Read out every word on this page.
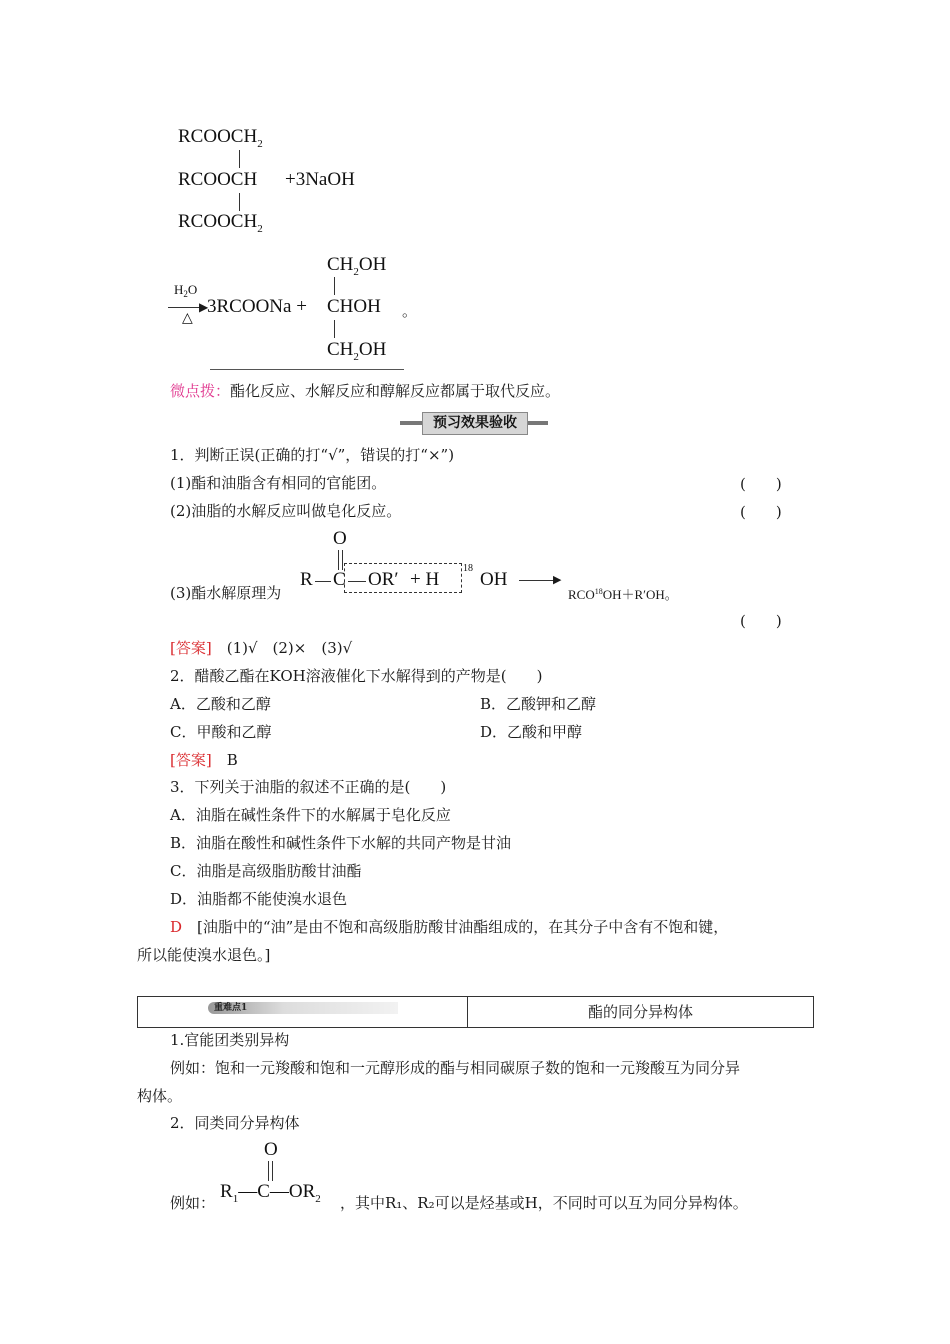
$RCOOCH_2$
RCOOCH +3NaOH
$RCOOCH_2$
$H_2O$
▶
△
3RCOONa +
$CH_2OH$
CHOH
$CH_2OH$
。
微点拨：酯化反应、水解反应和醇解反应都属于取代反应。
预习效果验收
1．判断正误(正确的打“√”，错误的打“×”)
(1)酯和油脂含有相同的官能团。	(　　)
(2)油脂的水解反应叫做皂化反应。	(　　)
(3)酯水解原理为
O
R C OR′ + H
18
OH	▶
$RCO^{18}OH+R'OH$。
(　　)
[答案]　 (1)√　(2)×　(3)√
2．醋酸乙酯在KOH溶液催化下水解得到的产物是(　　)
A．乙酸和乙醇	B．乙酸钾和乙醇
C．甲酸和乙醇	D．乙酸和甲醇
[答案]　 B
3．下列关于油脂的叙述不正确的是(　　)
A．油脂在碱性条件下的水解属于皂化反应
B．油脂在酸性和碱性条件下水解的共同产物是甘油
C．油脂是高级脂肪酸甘油酯
D．油脂都不能使溴水退色
D　 [油脂中的“油”是由不饱和高级脂肪酸甘油酯组成的，在其分子中含有不饱和键，
所以能使溴水退色。]
重难点1	酯的同分异构体
1.官能团类别异构
例如：饱和一元羧酸和饱和一元醇形成的酯与相同碳原子数的饱和一元羧酸互为同分异
构体。
2．同类同分异构体
O
例如：
$R_1—C—OR_2$ ，其中R₁、R₂可以是烃基或H，不同时可以互为同分异构体。
